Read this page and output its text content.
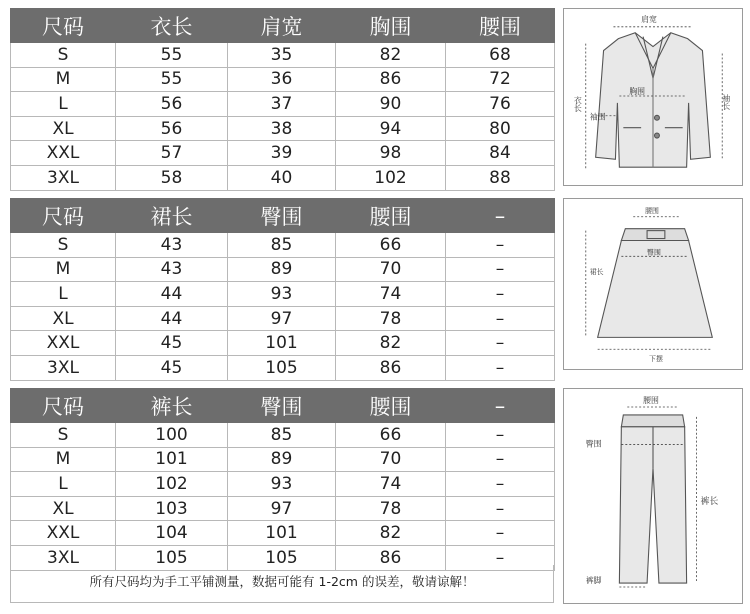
尺码	衣长	肩宽	胸围	腰围
S	55	35	82	68
M	55	36	86	72
L	56	37	90	76
XL	56	38	94	80
XXL	57	39	98	84
3XL	58	40	102	88
肩宽
胸围
衣长
袖围
袖长
尺码	裙长	臀围	腰围	–
S	43	85	66	–
M	43	89	70	–
L	44	93	74	–
XL	44	97	78	–
XXL	45	101	82	–
3XL	45	105	86	–
腰围
臀围
裙长
下摆
尺码	裤长	臀围	腰围	–
S	100	85	66	–
M	101	89	70	–
L	102	93	74	–
XL	103	97	78	–
XXL	104	101	82	–
3XL	105	105	86	–
所有尺码均为手工平铺测量，数据可能有 1-2cm 的误差，敬请谅解！
腰围
臀围
裤长
裤脚
